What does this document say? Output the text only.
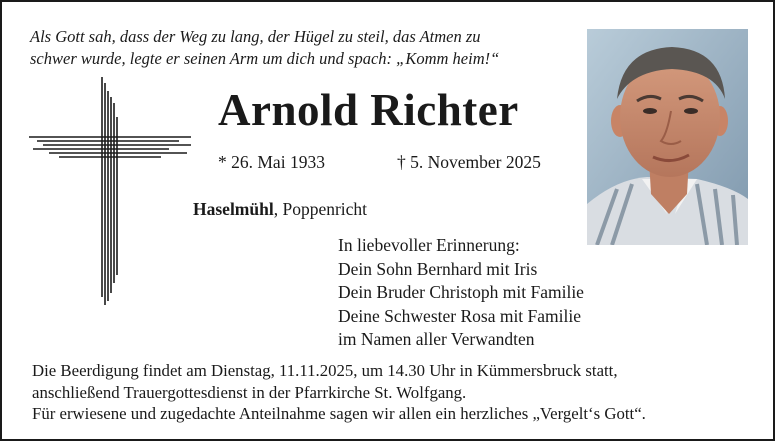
Als Gott sah, dass der Weg zu lang, der Hügel zu steil, das Atmen zu
schwer wurde, legte er seinen Arm um dich und spach: „Komm heim!“
Arnold Richter
* 26. Mai 1933	† 5. November 2025
Haselmühl, Poppenricht
In liebevoller Erinnerung:
Dein Sohn Bernhard mit Iris
Dein Bruder Christoph mit Familie
Deine Schwester Rosa mit Familie
im Namen aller Verwandten
Die Beerdigung findet am Dienstag, 11.11.2025, um 14.30 Uhr in Kümmersbruck statt,
anschließend Trauergottesdienst in der Pfarrkirche St. Wolfgang.
Für erwiesene und zugedachte Anteilnahme sagen wir allen ein herzliches „Vergelt‘s Gott“.
